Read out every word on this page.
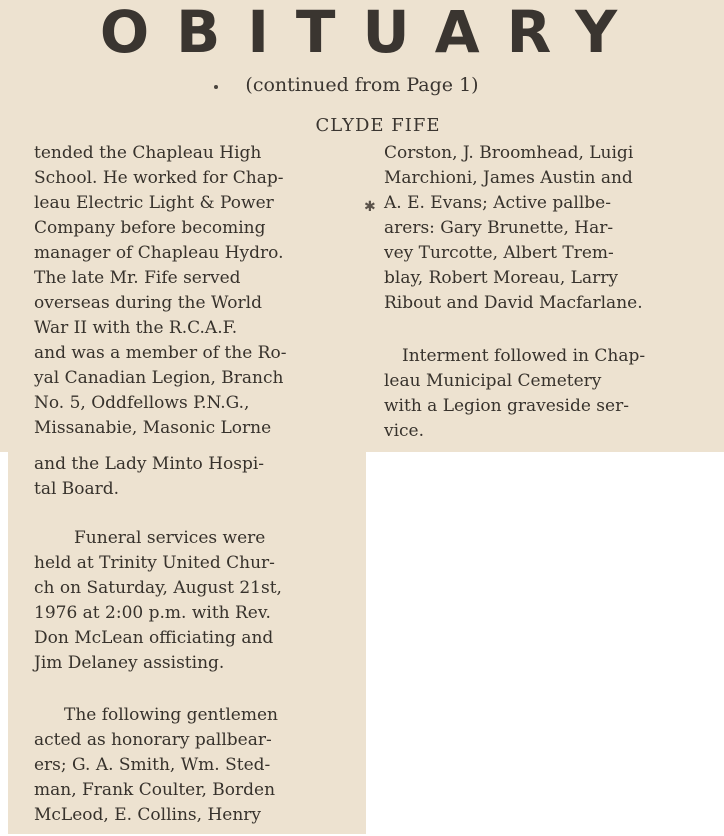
OBITUARY
(continued from Page 1)
CLYDE FIFE
tended the Chapleau High
School. He worked for Chap-
leau Electric Light & Power
Company before becoming
manager of Chapleau Hydro.
The late Mr. Fife served
overseas during the World
War II with the R.C.A.F.
and was a member of the Ro-
yal Canadian Legion, Branch
No. 5, Oddfellows P.N.G.,
Missanabie, Masonic Lorne
and the Lady Minto Hospi-
tal Board.
Funeral services were
held at Trinity United Chur-
ch on Saturday, August 21st,
1976 at 2:00 p.m. with Rev.
Don McLean officiating and
Jim Delaney assisting.
The following gentlemen
acted as honorary pallbear-
ers; G. A. Smith, Wm. Sted-
man, Frank Coulter, Borden
McLeod, E. Collins, Henry
✱
Corston, J. Broomhead, Luigi
Marchioni, James Austin and
A. E. Evans; Active pallbe-
arers: Gary Brunette, Har-
vey Turcotte, Albert Trem-
blay, Robert Moreau, Larry
Ribout and David Macfarlane.
Interment followed in Chap-
leau Municipal Cemetery
with a Legion graveside ser-
vice.
